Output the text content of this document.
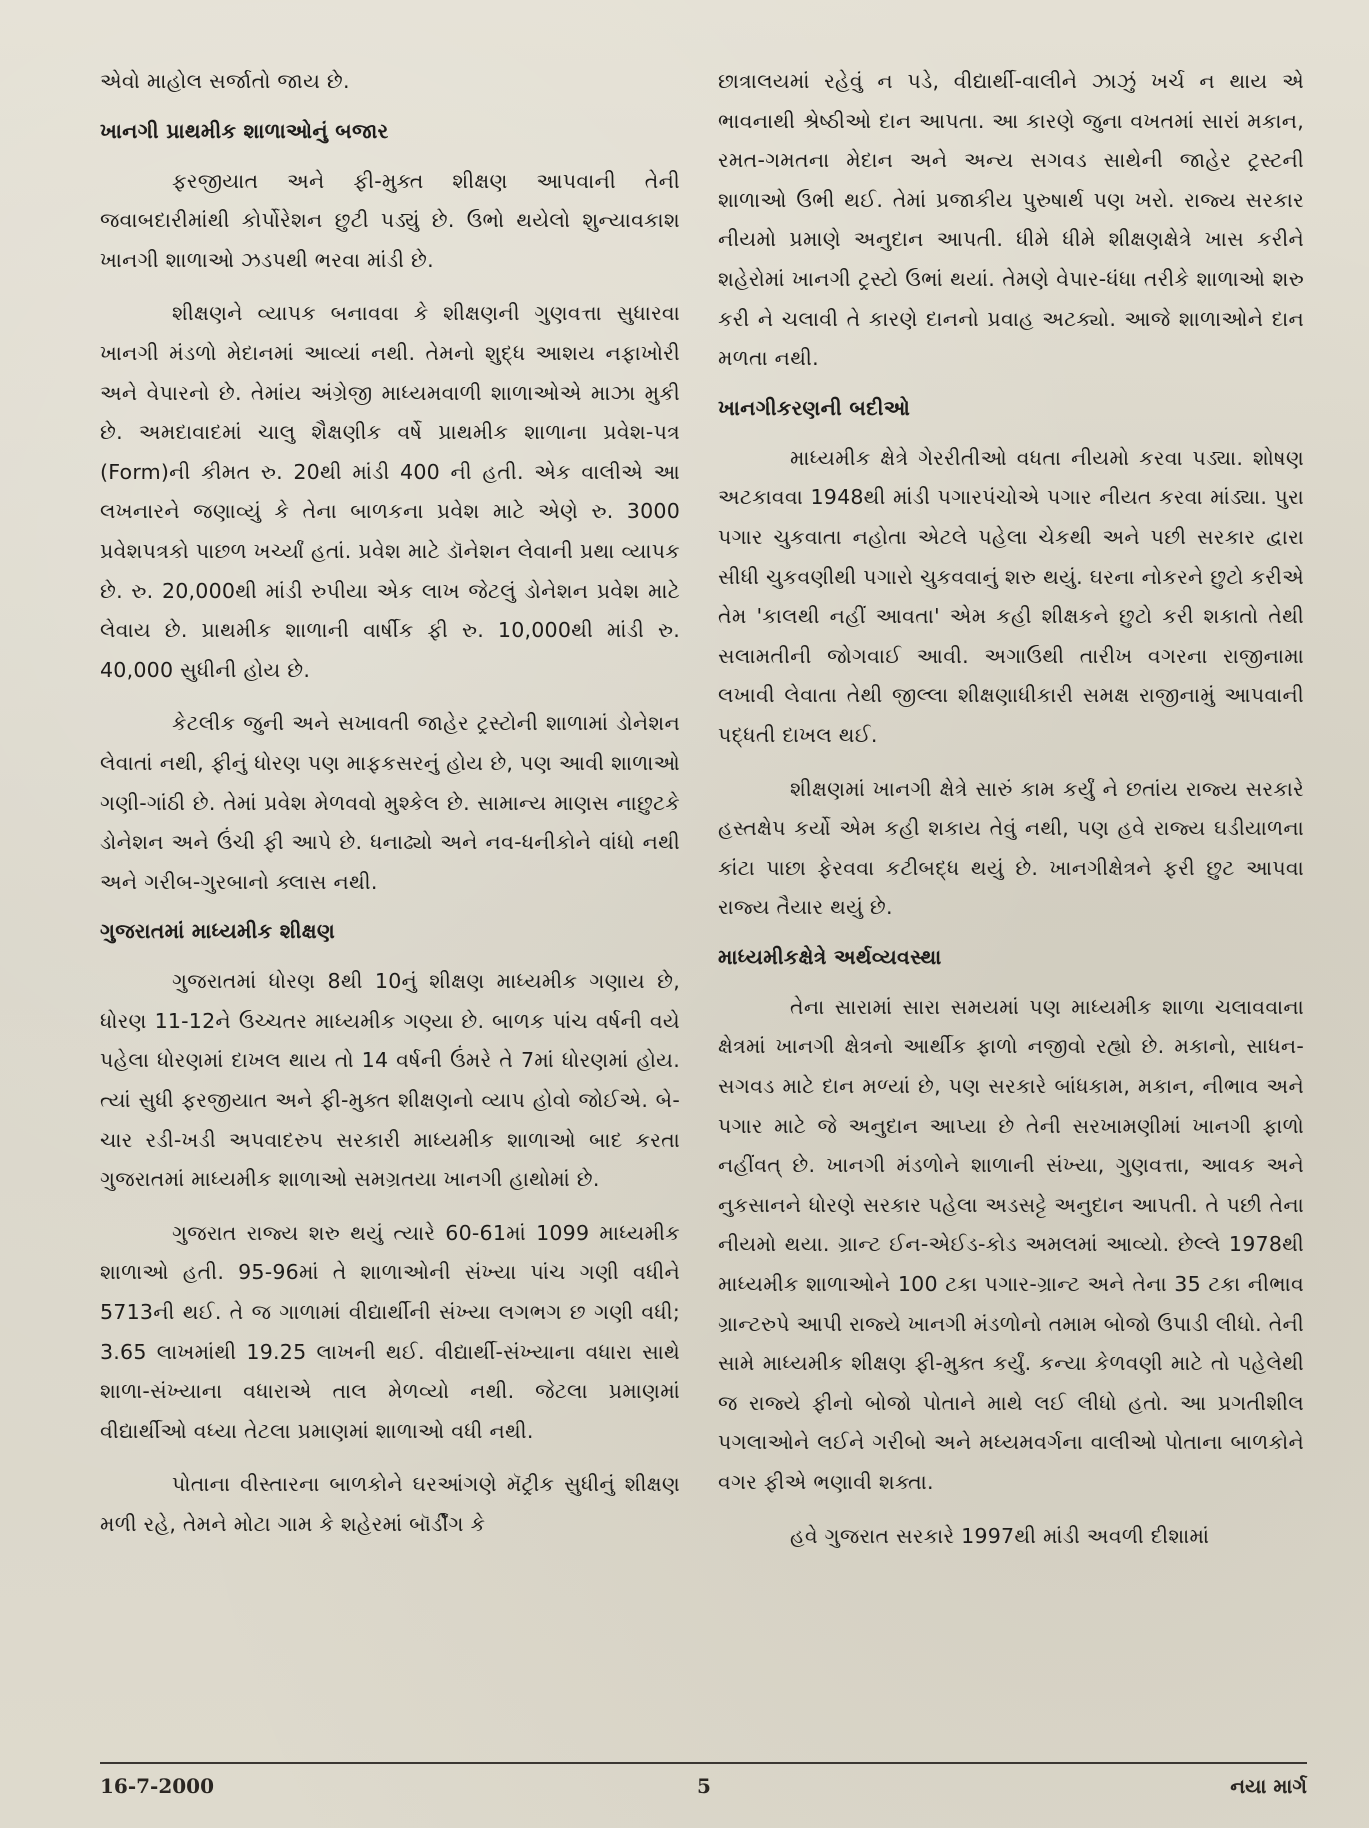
એવો માહોલ સર્જાતો જાય છે.

ખાનગી પ્રાથમીક શાળાઓનું બજાર

ફરજીયાત અને ફી-મુક્ત શીક્ષણ આપવાની તેની જવાબદારીમાંથી કોર્પોરેશન છુટી પડ્યું છે. ઉભો થયેલો શુન્યાવકાશ ખાનગી શાળાઓ ઝડપથી ભરવા માંડી છે.

શીક્ષણને વ્યાપક બનાવવા કે શીક્ષણની ગુણવત્તા સુધારવા ખાનગી મંડળો મેદાનમાં આવ્યાં નથી. તેમનો શુદ્ધ આશય નફાખોરી અને વેપારનો છે. તેમાંય અંગ્રેજી માધ્યમવાળી શાળાઓએ માઝા મુકી છે. અમદાવાદમાં ચાલુ શૈક્ષણીક વર્ષે પ્રાથમીક શાળાના પ્રવેશ-પત્ર (Form)ની કીમત રુ. 20થી માંડી 400 ની હતી. એક વાલીએ આ લખનારને જણાવ્યું કે તેના બાળકના પ્રવેશ માટે એણે રુ. 3000 પ્રવેશપત્રકો પાછળ ખર્ચ્યાં હતાં. પ્રવેશ માટે ડૉનેશન લેવાની પ્રથા વ્યાપક છે. રુ. 20,000થી માંડી રુપીયા એક લાખ જેટલું ડોનેશન પ્રવેશ માટે લેવાય છે. પ્રાથમીક શાળાની વાર્ષીક ફી રુ. 10,000થી માંડી રુ. 40,000 સુધીની હોય છે.

કેટલીક જુની અને સખાવતી જાહેર ટ્રસ્ટોની શાળામાં ડોનેશન લેવાતાં નથી, ફીનું ધોરણ પણ માફકસરનું હોય છે, પણ આવી શાળાઓ ગણી-ગાંઠી છે. તેમાં પ્રવેશ મેળવવો મુશ્કેલ છે. સામાન્ય માણસ નાછુટકે ડોનેશન અને ઉંચી ફી આપે છે. ધનાઢ્યો અને નવ-ધનીકોને વાંધો નથી અને ગરીબ-ગુરબાનો ક્લાસ નથી.

ગુજરાતમાં માધ્યમીક શીક્ષણ

ગુજરાતમાં ધોરણ 8થી 10નું શીક્ષણ માધ્યમીક ગણાય છે, ધોરણ 11-12ને ઉચ્ચતર માધ્યમીક ગણ્યા છે. બાળક પાંચ વર્ષની વયે પહેલા ધોરણમાં દાખલ થાય તો 14 વર્ષની ઉંમરે તે 7માં ધોરણમાં હોય. ત્યાં સુધી ફરજીયાત અને ફી-મુક્ત શીક્ષણનો વ્યાપ હોવો જોઈએ. બે-ચાર રડી-ખડી અપવાદરુપ સરકારી માધ્યમીક શાળાઓ બાદ કરતા ગુજરાતમાં માધ્યમીક શાળાઓ સમગ્રતયા ખાનગી હાથોમાં છે.

ગુજરાત રાજ્ય શરુ થયું ત્યારે 60-61માં 1099 માધ્યમીક શાળાઓ હતી. 95-96માં તે શાળાઓની સંખ્યા પાંચ ગણી વધીને 5713ની થઈ. તે જ ગાળામાં વીદ્યાર્થીની સંખ્યા લગભગ છ ગણી વધી; 3.65 લાખમાંથી 19.25 લાખની થઈ. વીદ્યાર્થી-સંખ્યાના વધારા સાથે શાળા-સંખ્યાના વધારાએ તાલ મેળવ્યો નથી. જેટલા પ્રમાણમાં વીદ્યાર્થીઓ વધ્યા તેટલા પ્રમાણમાં શાળાઓ વધી નથી.

પોતાના વીસ્તારના બાળકોને ઘરઆંગણે મૅટ્રીક સુધીનું શીક્ષણ મળી રહે, તેમને મોટા ગામ કે શહેરમાં બૉર્ડીંગ કે

છાત્રાલયમાં રહેવું ન પડે, વીદ્યાર્થી-વાલીને ઝાઝું ખર્ચ ન થાય એ ભાવનાથી શ્રેષ્ઠીઓ દાન આપતા. આ કારણે જુના વખતમાં સારાં મકાન, રમત-ગમતના મેદાન અને અન્ય સગવડ સાથેની જાહેર ટ્રસ્ટની શાળાઓ ઉભી થઈ. તેમાં પ્રજાકીય પુરુષાર્થ પણ ખરો. રાજ્ય સરકાર નીયમો પ્રમાણે અનુદાન આપતી. ધીમે ધીમે શીક્ષણક્ષેત્રે ખાસ કરીને શહેરોમાં ખાનગી ટ્રસ્ટો ઉભાં થયાં. તેમણે વેપાર-ધંધા તરીકે શાળાઓ શરુ કરી ને ચલાવી તે કારણે દાનનો પ્રવાહ અટક્યો. આજે શાળાઓને દાન મળતા નથી.

ખાનગીકરણની બદીઓ

માધ્યમીક ક્ષેત્રે ગેરરીતીઓ વધતા નીયમો કરવા પડ્યા. શોષણ અટકાવવા 1948થી માંડી પગારપંચોએ પગાર નીયત કરવા માંડ્યા. પુરા પગાર ચુકવાતા નહોતા એટલે પહેલા ચેકથી અને પછી સરકાર દ્વારા સીધી ચુકવણીથી પગારો ચુકવવાનું શરુ થયું. ઘરના નોકરને છુટો કરીએ તેમ 'કાલથી નહીં આવતા' એમ કહી શીક્ષકને છુટો કરી શકાતો તેથી સલામતીની જોગવાઈ આવી. અગાઉથી તારીખ વગરના રાજીનામા લખાવી લેવાતા તેથી જીલ્લા શીક્ષણાધીકારી સમક્ષ રાજીનામું આપવાની પદ્ધતી દાખલ થઈ.

શીક્ષણમાં ખાનગી ક્ષેત્રે સારું કામ કર્યું ને છતાંય રાજ્ય સરકારે હસ્તક્ષેપ કર્યો એમ કહી શકાય તેવું નથી, પણ હવે રાજ્ય ઘડીયાળના કાંટા પાછા ફેરવવા કટીબદ્ધ થયું છે. ખાનગીક્ષેત્રને ફરી છુટ આપવા રાજ્ય તૈયાર થયું છે.

માધ્યમીકક્ષેત્રે અર્થવ્યવસ્થા

તેના સારામાં સારા સમયમાં પણ માધ્યમીક શાળા ચલાવવાના ક્ષેત્રમાં ખાનગી ક્ષેત્રનો આર્થીક ફાળો નજીવો રહ્યો છે. મકાનો, સાધન-સગવડ માટે દાન મળ્યાં છે, પણ સરકારે બાંધકામ, મકાન, નીભાવ અને પગાર માટે જે અનુદાન આપ્યા છે તેની સરખામણીમાં ખાનગી ફાળો નહીંવત્ છે. ખાનગી મંડળોને શાળાની સંખ્યા, ગુણવત્તા, આવક અને નુકસાનને ધોરણે સરકાર પહેલા અડસટ્ટે અનુદાન આપતી. તે પછી તેના નીયમો થયા. ગ્રાન્ટ ઈન-એઈડ-કોડ અમલમાં આવ્યો. છેલ્લે 1978થી માધ્યમીક શાળાઓને 100 ટકા પગાર-ગ્રાન્ટ અને તેના 35 ટકા નીભાવ ગ્રાન્ટરુપે આપી રાજ્યે ખાનગી મંડળોનો તમામ બોજો ઉપાડી લીધો. તેની સામે માધ્યમીક શીક્ષણ ફી-મુક્ત કર્યું. કન્યા કેળવણી માટે તો પહેલેથી જ રાજ્યે ફીનો બોજો પોતાને માથે લઈ લીધો હતો. આ પ્રગતીશીલ પગલાઓને લઈને ગરીબો અને મધ્યમવર્ગના વાલીઓ પોતાના બાળકોને વગર ફીએ ભણાવી શક્તા.

હવે ગુજરાત સરકારે 1997થી માંડી અવળી દીશામાં

16-7-2000	5	નયા માર્ગ
